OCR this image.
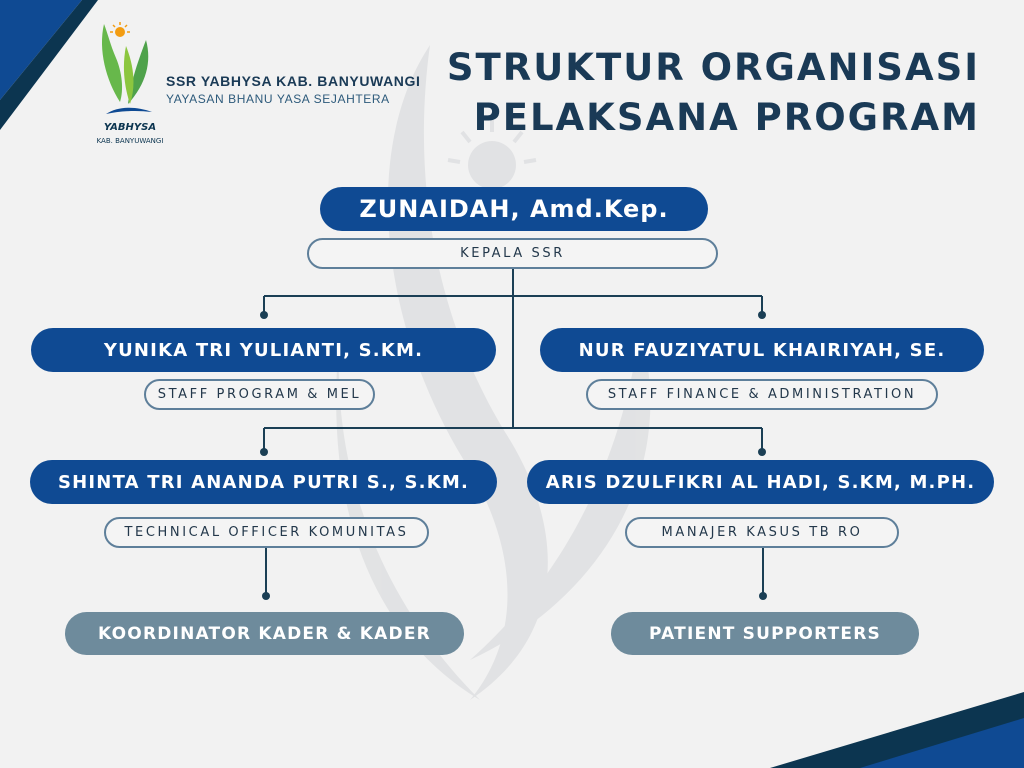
YABHYSA
KAB. BANYUWANGI
SSR YABHYSA KAB. BANYUWANGI
YAYASAN BHANU YASA SEJAHTERA
STRUKTUR ORGANISASI
PELAKSANA PROGRAM
ZUNAIDAH, Amd.Kep.
KEPALA SSR
YUNIKA TRI YULIANTI, S.KM.
STAFF PROGRAM & MEL
NUR FAUZIYATUL KHAIRIYAH, SE.
STAFF FINANCE & ADMINISTRATION
SHINTA TRI ANANDA PUTRI S., S.KM.
TECHNICAL OFFICER KOMUNITAS
ARIS DZULFIKRI AL HADI, S.KM, M.PH.
MANAJER KASUS TB RO
KOORDINATOR KADER & KADER	PATIENT SUPPORTERS
